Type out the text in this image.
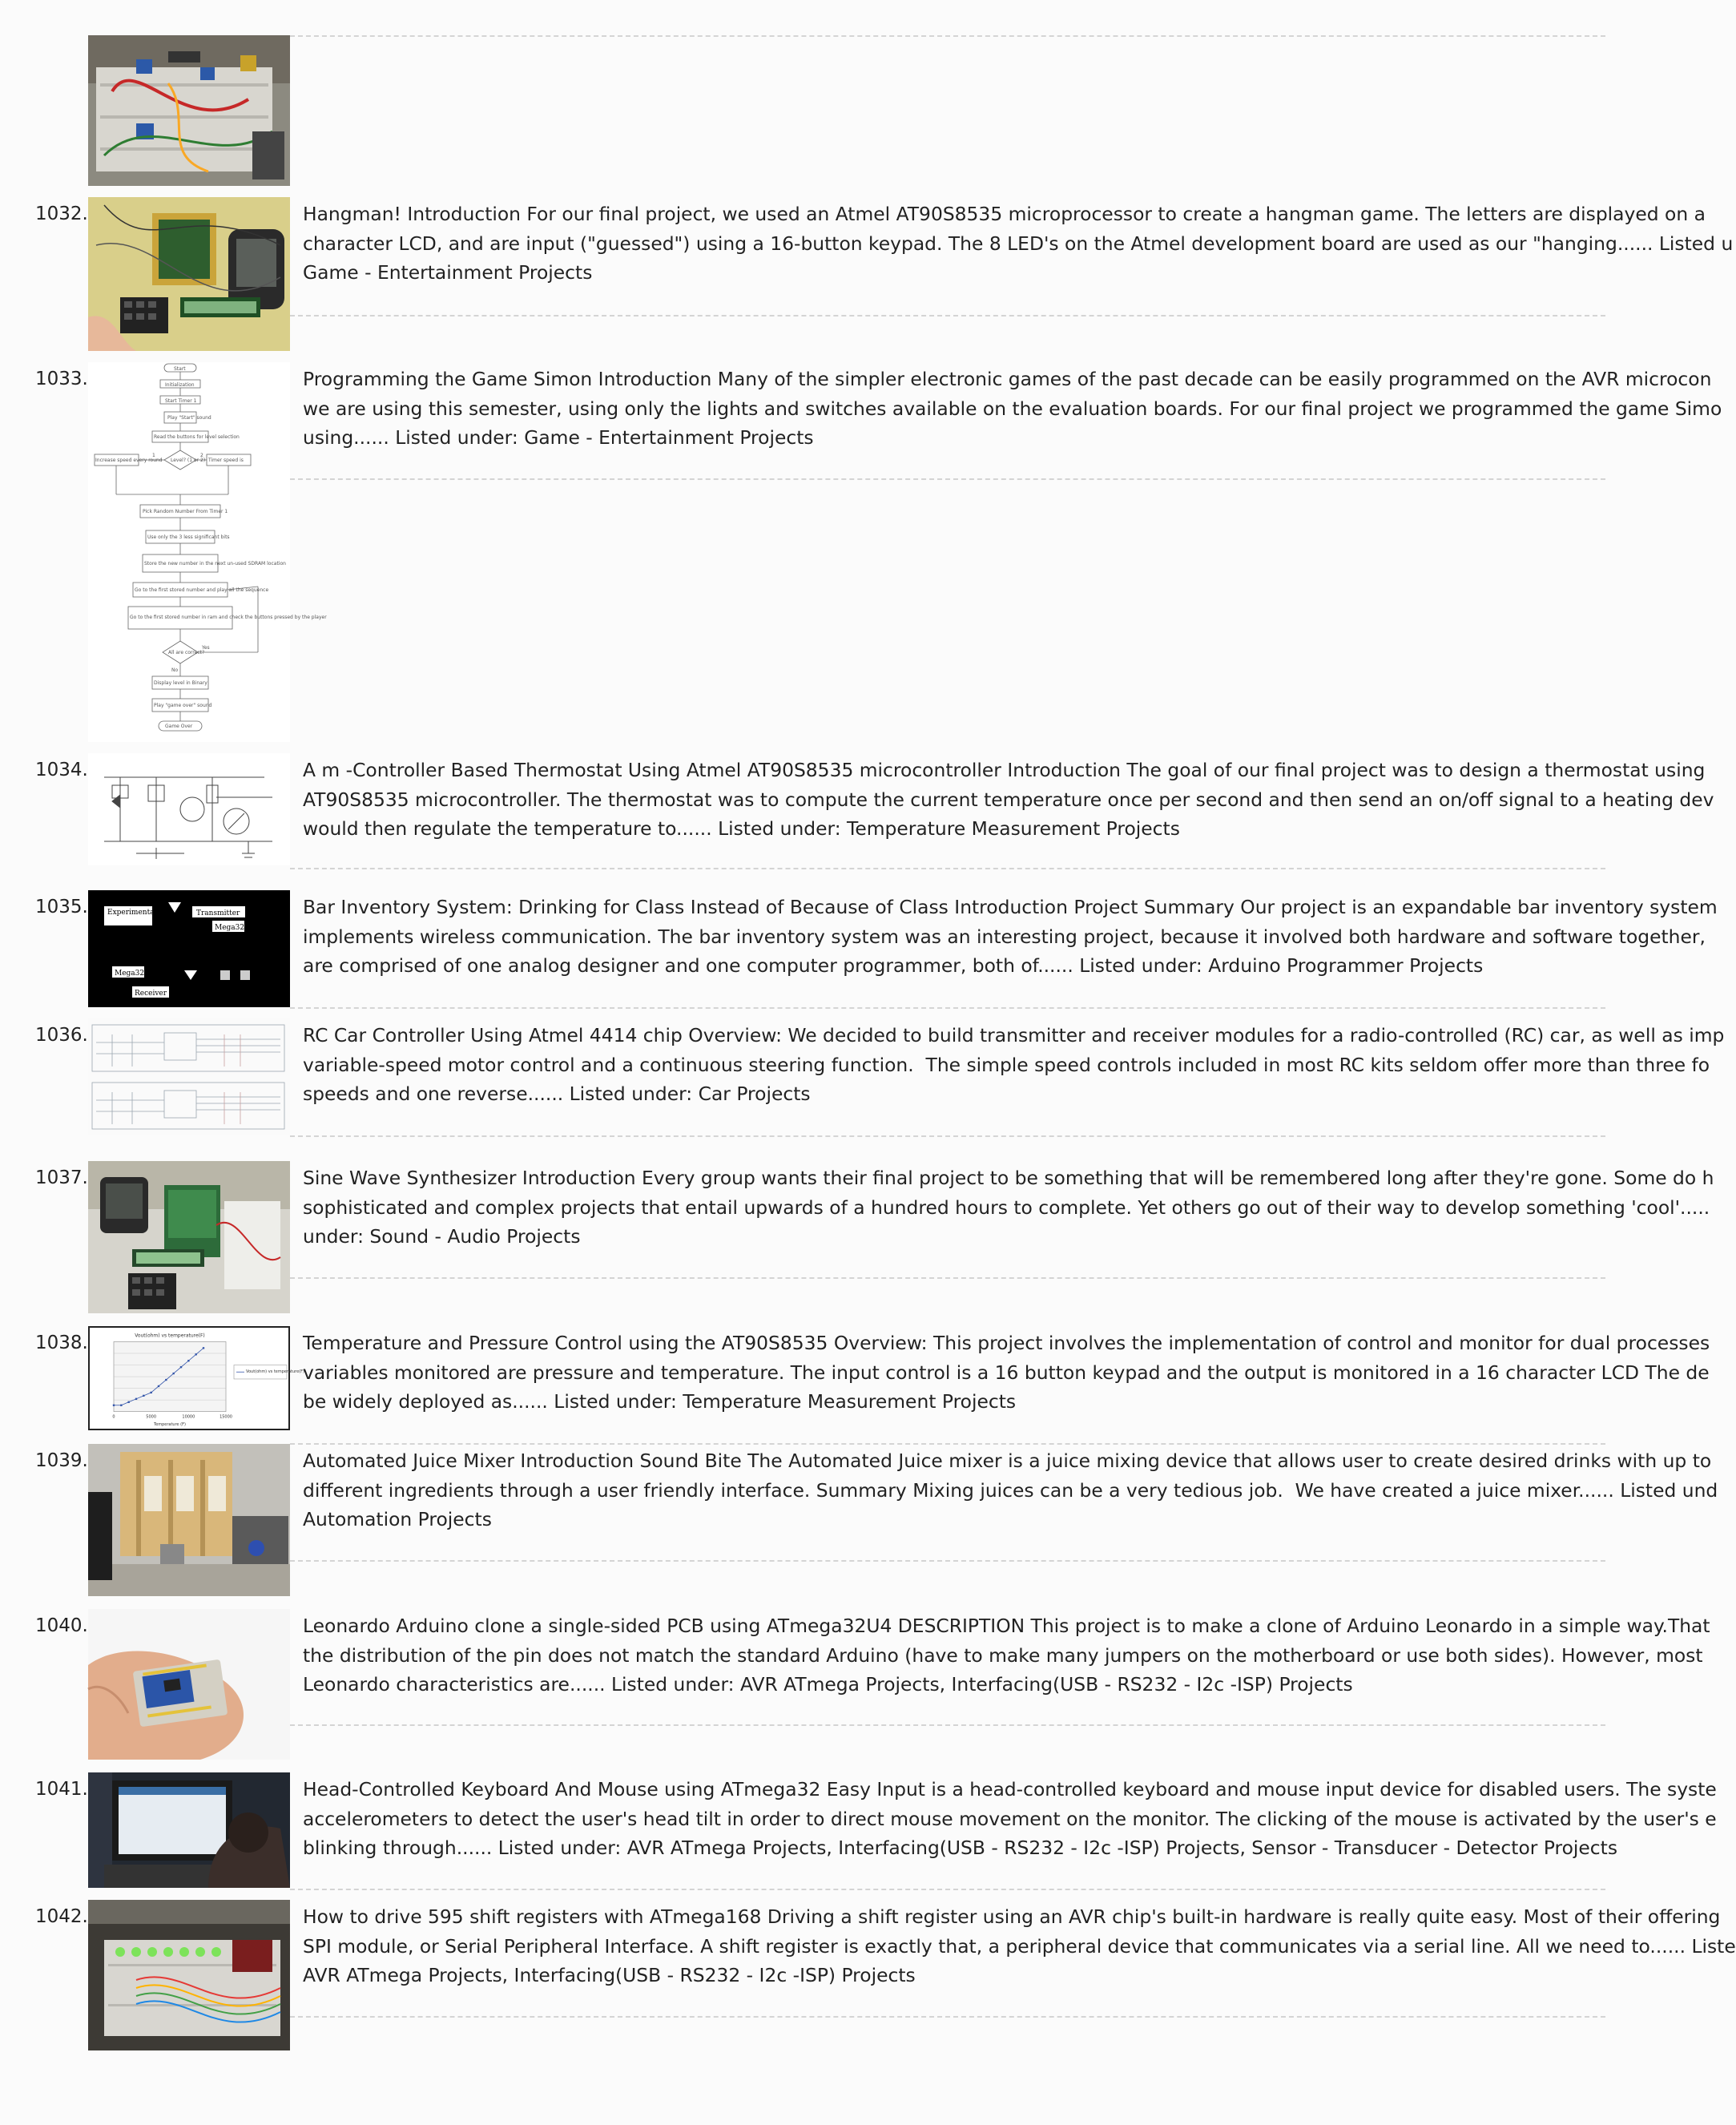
1032.	Hangman! Introduction For our final project, we used an Atmel AT90S8535 microprocessor to create a hangman game. The letters are displayed on a
character LCD, and are input ("guessed") using a 16-button keypad. The 8 LED's on the Atmel development board are used as our "hanging...... Listed u
Game - Entertainment Projects
1033.	Start
Initialization
Start Timer 1
Play "Start" sound
Read the buttons for level selection
Level? (1 or 2)
Increase speed every round	Timer speed is
Pick Random Number From Timer 1
Use only the 3 less significant bits
Store the new number in the next un-used SDRAM location
Go to the first stored number and play all the sequence
Go to the first stored number in ram and check the buttons pressed by the player
All are correct?
Display level in Binary
Play "game over" sound
Game Over
1	2
No
Yes
Programming the Game Simon Introduction Many of the simpler electronic games of the past decade can be easily programmed on the AVR microcon
we are using this semester, using only the lights and switches available on the evaluation boards. For our final project we programmed the game Simo
using...... Listed under: Game - Entertainment Projects
1034.	A m -Controller Based Thermostat Using Atmel AT90S8535 microcontroller Introduction The goal of our final project was to design a thermostat using
AT90S8535 microcontroller. The thermostat was to compute the current temperature once per second and then send an on/off signal to a heating dev
would then regulate the temperature to...... Listed under: Temperature Measurement Projects
1035.	Experimental	Transmitter
Mega32
Mega32
Receiver
Bar Inventory System: Drinking for Class Instead of Because of Class Introduction Project Summary Our project is an expandable bar inventory system
implements wireless communication. The bar inventory system was an interesting project, because it involved both hardware and software together,
are comprised of one analog designer and one computer programmer, both of...... Listed under: Arduino Programmer Projects
1036.	RC Car Controller Using Atmel 4414 chip Overview: We decided to build transmitter and receiver modules for a radio-controlled (RC) car, as well as imp
variable-speed motor control and a continuous steering function.  The simple speed controls included in most RC kits seldom offer more than three fo
speeds and one reverse...... Listed under: Car Projects
1037.	Sine Wave Synthesizer Introduction Every group wants their final project to be something that will be remembered long after they're gone. Some do h
sophisticated and complex projects that entail upwards of a hundred hours to complete. Yet others go out of their way to develop something 'cool'.....
under: Sound - Audio Projects
1038.	Vout(ohm) vs temperature(F)
0	5000	10000	15000
Vout(ohm) vs temperature(F)
Temperature (F)
Temperature and Pressure Control using the AT90S8535 Overview: This project involves the implementation of control and monitor for dual processes
variables monitored are pressure and temperature. The input control is a 16 button keypad and the output is monitored in a 16 character LCD The de
be widely deployed as...... Listed under: Temperature Measurement Projects
1039.	Automated Juice Mixer Introduction Sound Bite The Automated Juice mixer is a juice mixing device that allows user to create desired drinks with up to
different ingredients through a user friendly interface. Summary Mixing juices can be a very tedious job.  We have created a juice mixer...... Listed und
Automation Projects
1040.	Leonardo Arduino clone a single-sided PCB using ATmega32U4 DESCRIPTION This project is to make a clone of Arduino Leonardo in a simple way.That
the distribution of the pin does not match the standard Arduino (have to make many jumpers on the motherboard or use both sides). However, most
Leonardo characteristics are...... Listed under: AVR ATmega Projects, Interfacing(USB - RS232 - I2c -ISP) Projects
1041.	Head-Controlled Keyboard And Mouse using ATmega32 Easy Input is a head-controlled keyboard and mouse input device for disabled users. The syste
accelerometers to detect the user's head tilt in order to direct mouse movement on the monitor. The clicking of the mouse is activated by the user's e
blinking through...... Listed under: AVR ATmega Projects, Interfacing(USB - RS232 - I2c -ISP) Projects, Sensor - Transducer - Detector Projects
1042.	How to drive 595 shift registers with ATmega168 Driving a shift register using an AVR chip's built-in hardware is really quite easy. Most of their offering
SPI module, or Serial Peripheral Interface. A shift register is exactly that, a peripheral device that communicates via a serial line. All we need to...... Liste
AVR ATmega Projects, Interfacing(USB - RS232 - I2c -ISP) Projects
